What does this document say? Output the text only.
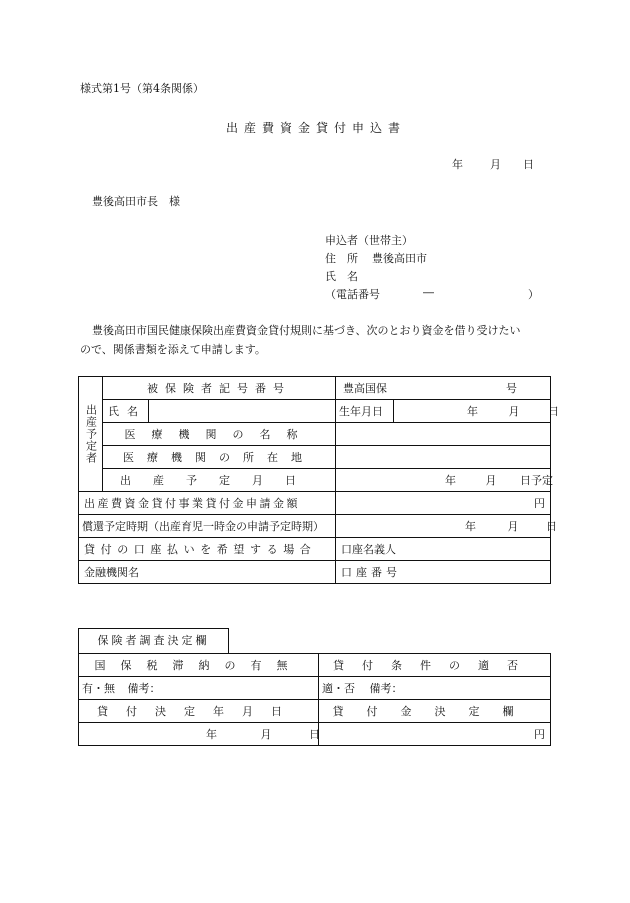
様式第1号（第4条関係）
出産費資金貸付申込書
年 月 日
豊後高田市長　様
申込者（世帯主）
住　所 豊後高田市
氏　名
（電話番号	―	）
豊後高田市国民健康保険出産費資金貸付規則に基づき、次のとおり資金を借り受けたい
ので、関係書類を添えて申請します。
出産予定者	被保険者記号番号		豊高国保 号	

	氏名		生年月日	年 月 日

	医療機関の名称			

	医療機関の所在地			

	出産予定月日		年 月 日予定	

出産費資金貸付事業貸付金申請金額			円	
償還予定時期（出産育児一時金の申請予定時期）			年 月 日	

貸付の口座払いを希望する場合			口座名義人	
金融機関名			口座番号	
保険者調査決定欄
国保税滞納の有無		貸付条件の適否	

有・無	備考：	適・否	備考：

貸付決定年月日		貸付金決定欄	

年 月 日		円	
